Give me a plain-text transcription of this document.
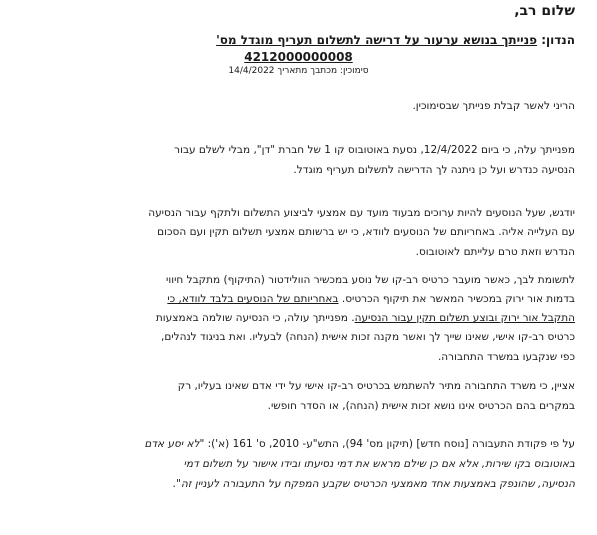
שלום רב,
הנדון: פנייתך בנושא ערעור על דרישה לתשלום תעריף מוגדל מס'
4212000000008
סימוכין: מכתבך מתאריך 14/4/2022
הריני לאשר קבלת פנייתך שבסימוכין.
מפנייתך עלה, כי ביום 12/4/2022, נסעת באוטובוס קו 1 של חברת "דן", מבלי לשלם עבור
הנסיעה כנדרש ועל כן ניתנה לך הדרישה לתשלום תעריף מוגדל.
יודגש, שעל הנוסעים להיות ערוכים מבעוד מועד עם אמצעי לביצוע התשלום ולתקף עבור הנסיעה
עם העלייה אליה. באחריותם של הנוסעים לוודא, כי יש ברשותם אמצעי תשלום תקין ועם הסכום
הנדרש וזאת טרם עלייתם לאוטובוס.
לתשומת לבך, כאשר מועבר כרטיס רב-קו של נוסע במכשיר הוולידטור (התיקוף) מתקבל חיווי
בדמות אור ירוק במכשיר המאשר את תיקוף הכרטיס. באחריותם של הנוסעים בלבד לוודא, כי
התקבל אור ירוק ובוצע תשלום תקין עבור הנסיעה. מפנייתך עולה, כי הנסיעה שולמה באמצעות
כרטיס רב-קו אישי, שאינו שייך לך ואשר מקנה זכות אישית (הנחה) לבעליו. ואת בניגוד לנהלים,
כפי שנקבעו במשרד התחבורה.
אציין, כי משרד התחבורה מתיר להשתמש בכרטיס רב-קו אישי על ידי אדם שאינו בעליו, רק
במקרים בהם הכרטיס אינו נושא זכות אישית (הנחה), או הסדר חופשי.
על פי פקודת התעבורה [נוסח חדש] (תיקון מס' 94), התש"ע- 2010, ס' 161 (א'): "לא יסע אדם
באוטובוס בקו שירות, אלא אם כן שילם מראש את דמי נסיעתו ובידו אישור על תשלום דמי
הנסיעה, שהונפק באמצעות אחד מאמצעי הכרטיס שקבע המפקח על התעבורה לעניין זה".
